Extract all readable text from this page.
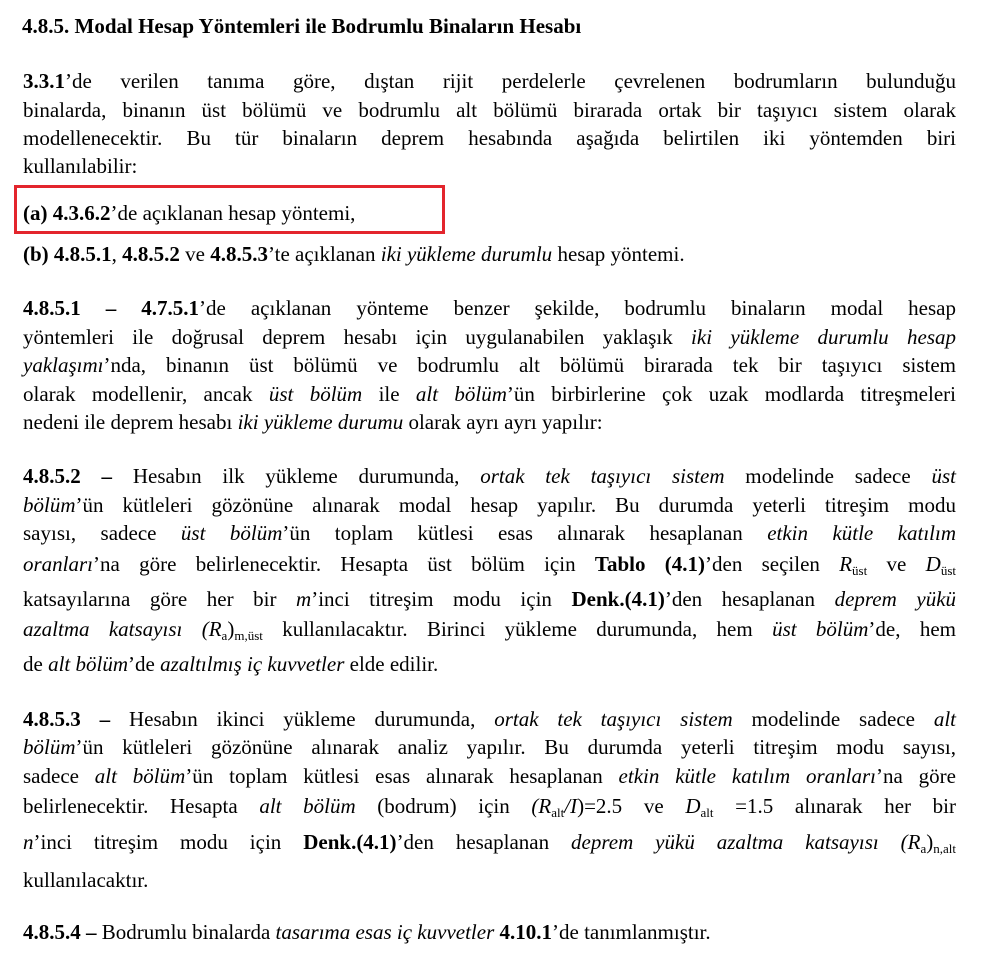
4.8.5. Modal Hesap Yöntemleri ile Bodrumlu Binaların Hesabı

3.3.1’de verilen tanıma göre, dıştan rijit perdelerle çevrelenen bodrumların bulunduğu

binalarda, binanın üst bölümü ve bodrumlu alt bölümü birarada ortak bir taşıyıcı sistem olarak

modellenecektir. Bu tür binaların deprem hesabında aşağıda belirtilen iki yöntemden biri

kullanılabilir:

(a) 4.3.6.2’de açıklanan hesap yöntemi,

(b) 4.8.5.1, 4.8.5.2 ve 4.8.5.3’te açıklanan iki yükleme durumlu hesap yöntemi.

4.8.5.1 – 4.7.5.1’de açıklanan yönteme benzer şekilde, bodrumlu binaların modal hesap

yöntemleri ile doğrusal deprem hesabı için uygulanabilen yaklaşık iki yükleme durumlu hesap

yaklaşımı’nda, binanın üst bölümü ve bodrumlu alt bölümü birarada tek bir taşıyıcı sistem

olarak modellenir, ancak üst bölüm ile alt bölüm’ün birbirlerine çok uzak modlarda titreşmeleri

nedeni ile deprem hesabı iki yükleme durumu olarak ayrı ayrı yapılır:

4.8.5.2 – Hesabın ilk yükleme durumunda, ortak tek taşıyıcı sistem modelinde sadece üst

bölüm’ün kütleleri gözönüne alınarak modal hesap yapılır. Bu durumda yeterli titreşim modu

sayısı, sadece üst bölüm’ün toplam kütlesi esas alınarak hesaplanan etkin kütle katılım

oranları’na göre belirlenecektir. Hesapta üst bölüm için Tablo (4.1)’den seçilen $R_{üst}$ ve $D_{üst}$

katsayılarına göre her bir m’inci titreşim modu için Denk.(4.1)’den hesaplanan deprem yükü

azaltma katsayısı $(R_a)_{m,üst}$ kullanılacaktır. Birinci yükleme durumunda, hem üst bölüm’de, hem

de alt bölüm’de azaltılmış iç kuvvetler elde edilir.

4.8.5.3 – Hesabın ikinci yükleme durumunda, ortak tek taşıyıcı sistem modelinde sadece alt

bölüm’ün kütleleri gözönüne alınarak analiz yapılır. Bu durumda yeterli titreşim modu sayısı,

sadece alt bölüm’ün toplam kütlesi esas alınarak hesaplanan etkin kütle katılım oranları’na göre

belirlenecektir. Hesapta alt bölüm (bodrum) için $(R_{alt}/I)=2.5$ ve $D_{alt} =1.5$ alınarak her bir

n’inci titreşim modu için Denk.(4.1)’den hesaplanan deprem yükü azaltma katsayısı $(R_a)_{n,alt}$

kullanılacaktır.

4.8.5.4 – Bodrumlu binalarda tasarıma esas iç kuvvetler 4.10.1’de tanımlanmıştır.
